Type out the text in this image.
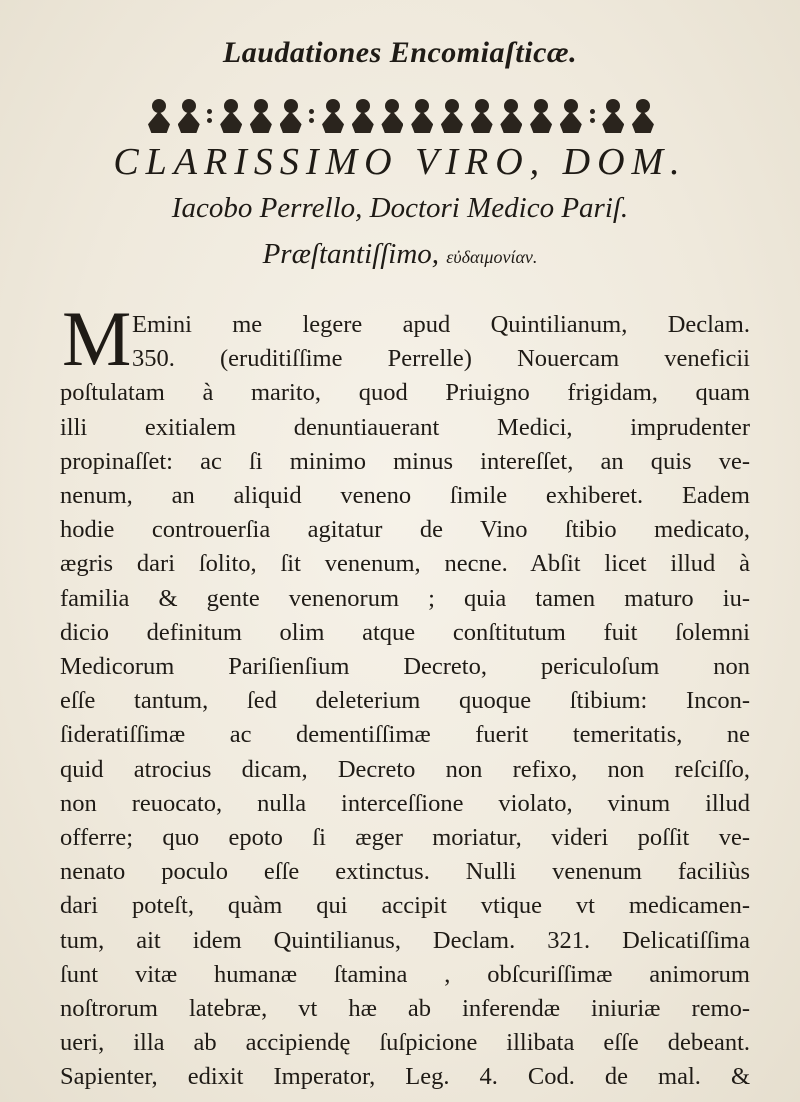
Laudationes Encomiaſticæ.
CLARISSIMO VIRO, DOM.
Iacobo Perrello, Doctori Medico Pariſ.
Præſtantiſſimo, εὐδαιμονίαν.
M Emini me legere apud Quintilianum, Declam.
350. (eruditiſſime Perrelle) Nouercam veneficii
poſtulatam à marito, quod Priuigno frigidam, quam
illi exitialem denuntiauerant Medici, imprudenter
propinaſſet: ac ſi minimo minus intereſſet, an quis ve-
nenum, an aliquid veneno ſimile exhiberet. Eadem
hodie controuerſia agitatur de Vino ſtibio medicato,
ægris dari ſolito, ſit venenum, necne. Abſit licet illud à
familia & gente venenorum ; quia tamen maturo iu-
dicio definitum olim atque conſtitutum fuit ſolemni
Medicorum Pariſienſium Decreto, periculoſum non
eſſe tantum, ſed deleterium quoque ſtibium: Incon-
ſideratiſſimæ ac dementiſſimæ fuerit temeritatis, ne
quid atrocius dicam, Decreto non refixo, non reſciſſo,
non reuocato, nulla interceſſione violato, vinum illud
offerre; quo epoto ſi æger moriatur, videri poſſit ve-
nenato poculo eſſe extinctus. Nulli venenum faciliùs
dari poteſt, quàm qui accipit vtique vt medicamen-
tum, ait idem Quintilianus, Declam. 321. Delicatiſſima
ſunt vitæ humanæ ſtamina , obſcuriſſimæ animorum
noſtrorum latebræ, vt hæ ab inferendæ iniuriæ remo-
ueri, illa ab accipiendę ſuſpicione illibata eſſe debeant.
Sapienter, edixit Imperator, Leg. 4. Cod. de mal. &
